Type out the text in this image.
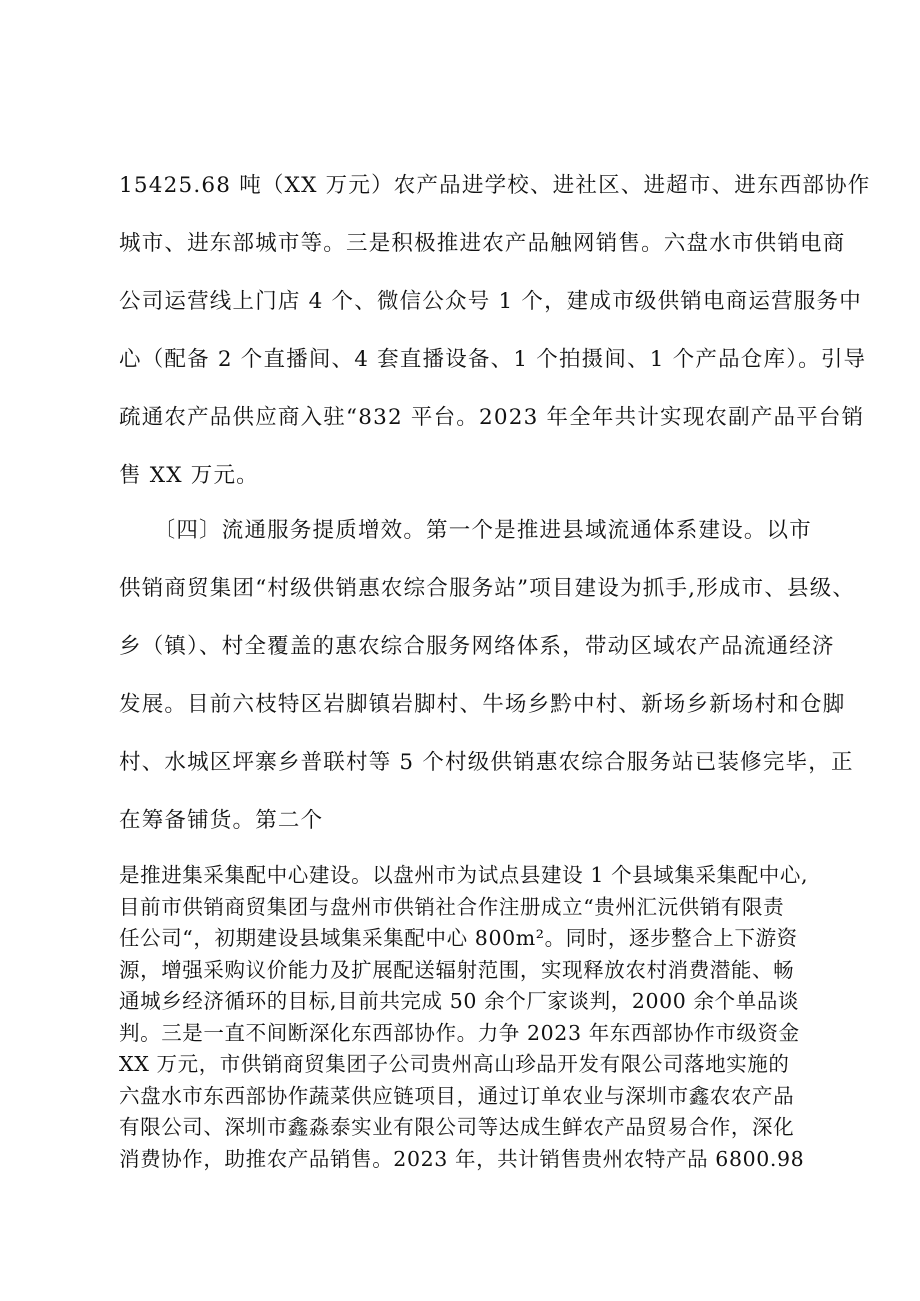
15425.68 吨（XX 万元）农产品进学校、进社区、进超市、进东西部协作
城市、进东部城市等。三是积极推进农产品触网销售。六盘水市供销电商
公司运营线上门店 4 个、微信公众号 1 个，建成市级供销电商运营服务中
心（配备 2 个直播间、4 套直播设备、1 个拍摄间、1 个产品仓库）。引导
疏通农产品供应商入驻“832 平台。2023 年全年共计实现农副产品平台销
售 XX 万元。
　　〔四〕流通服务提质增效。第一个是推进县域流通体系建设。以市
供销商贸集团“村级供销惠农综合服务站”项目建设为抓手,形成市、县级、
乡（镇）、村全覆盖的惠农综合服务网络体系，带动区域农产品流通经济
发展。目前六枝特区岩脚镇岩脚村、牛场乡黔中村、新场乡新场村和仓脚
村、水城区坪寨乡普联村等 5 个村级供销惠农综合服务站已装修完毕，正
在筹备铺货。第二个
是推进集采集配中心建设。以盘州市为试点县建设 1 个县域集采集配中心,
目前市供销商贸集团与盘州市供销社合作注册成立“贵州汇沅供销有限责
任公司“，初期建设县域集采集配中心 800m²。同时，逐步整合上下游资
源，增强采购议价能力及扩展配送辐射范围，实现释放农村消费潜能、畅
通城乡经济循环的目标,目前共完成 50 余个厂家谈判，2000 余个单品谈
判。三是一直不间断深化东西部协作。力争 2023 年东西部协作市级资金
XX 万元，市供销商贸集团子公司贵州高山珍品开发有限公司落地实施的
六盘水市东西部协作蔬菜供应链项目，通过订单农业与深圳市鑫农农产品
有限公司、深圳市鑫淼泰实业有限公司等达成生鲜农产品贸易合作，深化
消费协作，助推农产品销售。2023 年，共计销售贵州农特产品 6800.98
